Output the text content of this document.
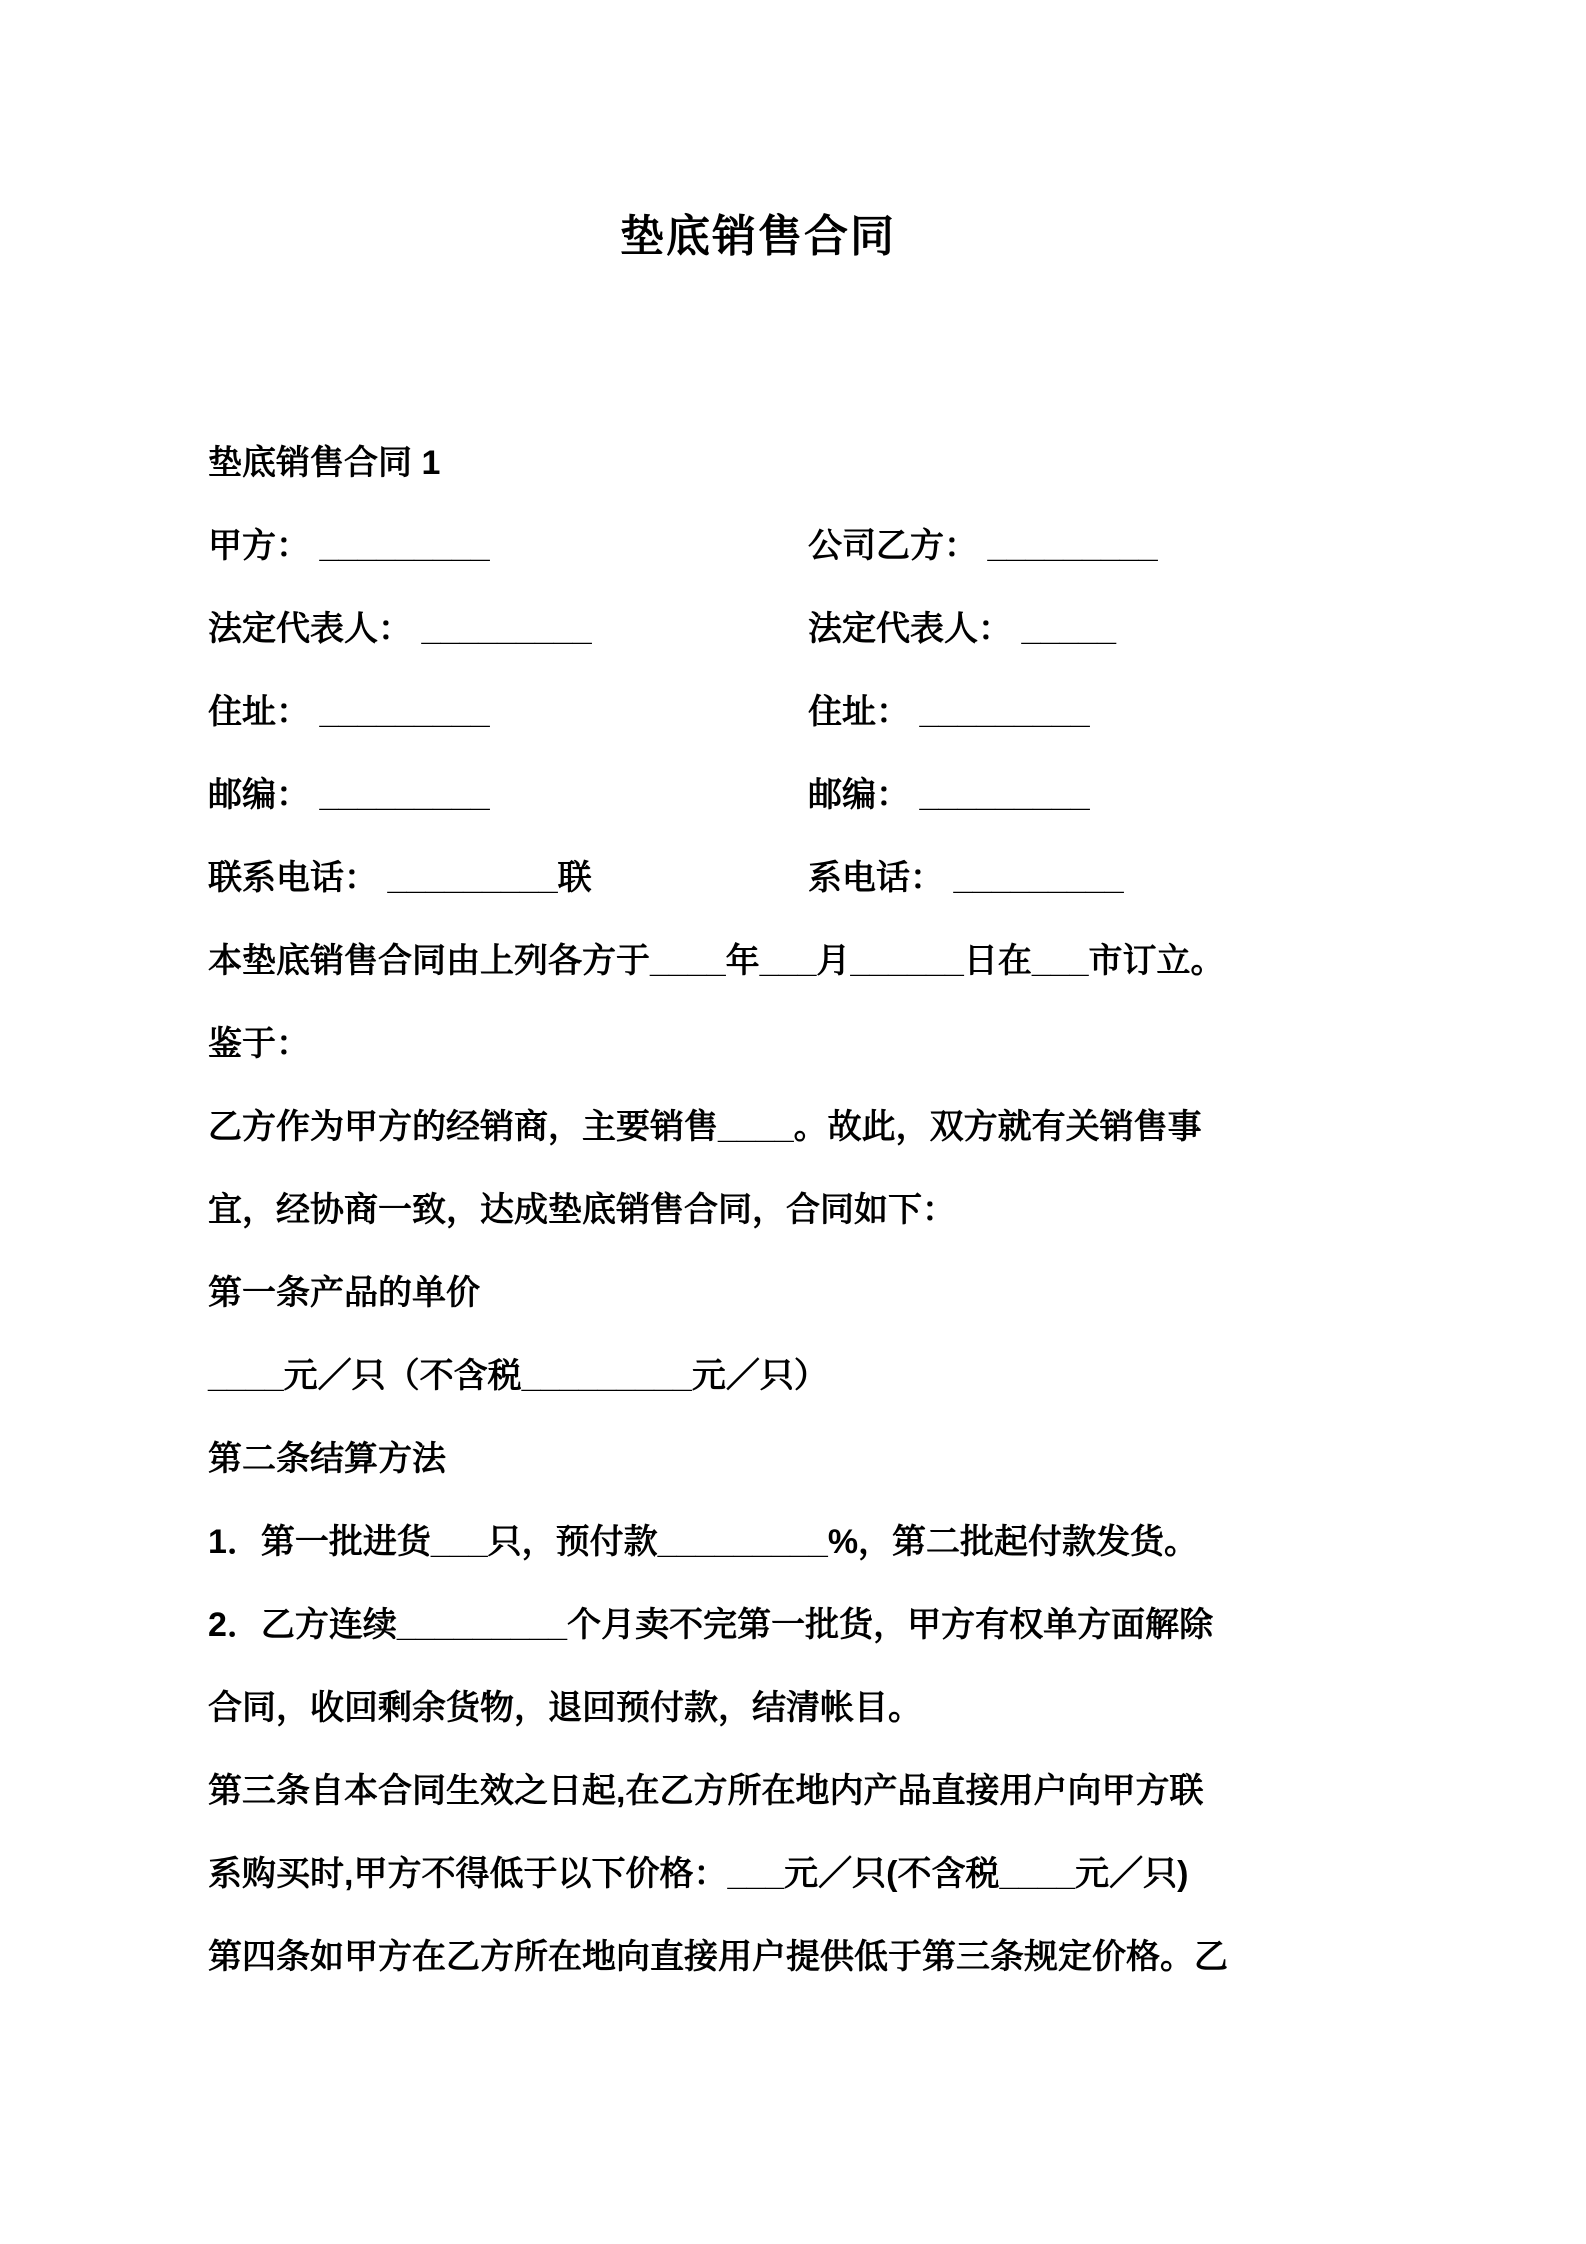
垫底销售合同
垫底销售合同 1
甲方： _________	公司乙方： _________
法定代表人： _________	法定代表人： _____
住址： _________	住址： _________
邮编： _________	邮编： _________
联系电话： _________联	系电话： _________
本垫底销售合同由上列各方于____年___月______日在___市订立。
鉴于：
乙方作为甲方的经销商，主要销售____。故此，双方就有关销售事
宜，经协商一致，达成垫底销售合同，合同如下：
第一条产品的单价
____元／只（不含税_________元／只）
第二条结算方法
1．第一批进货___只，预付款_________%，第二批起付款发货。
2．乙方连续_________个月卖不完第一批货，甲方有权单方面解除
合同，收回剩余货物，退回预付款，结清帐目。
第三条自本合同生效之日起,在乙方所在地内产品直接用户向甲方联
系购买时,甲方不得低于以下价格：___元／只(不含税____元／只)
第四条如甲方在乙方所在地向直接用户提供低于第三条规定价格。乙
